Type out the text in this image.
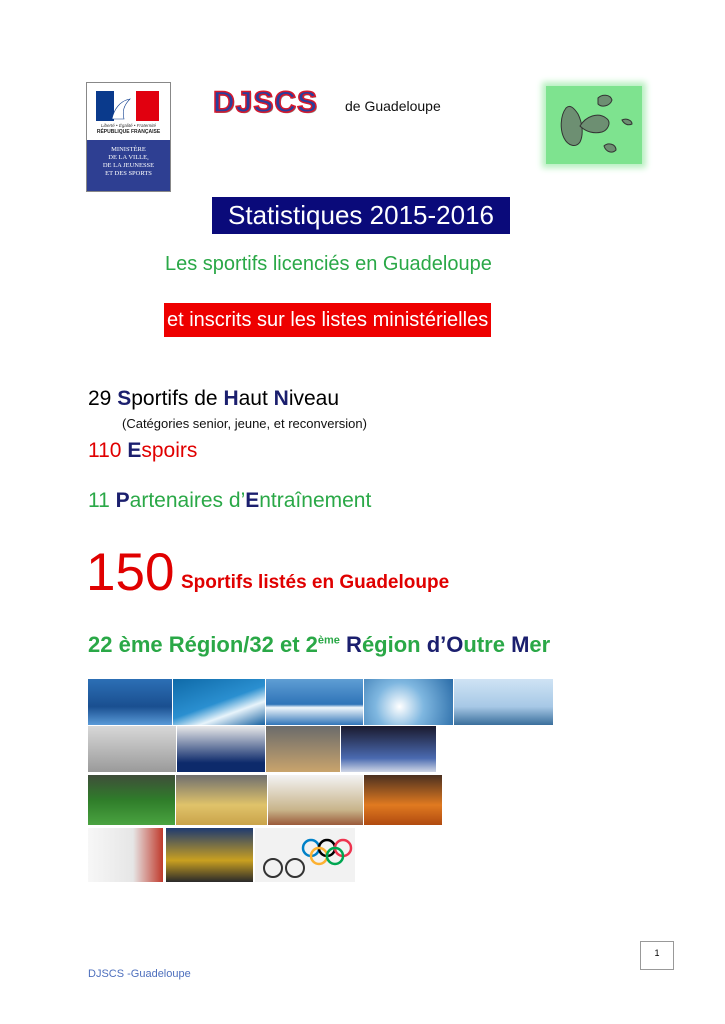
Liberté • Égalité • Fraternité
RÉPUBLIQUE FRANÇAISE
MINISTÈRE
DE LA VILLE,
DE LA JEUNESSE
ET DES SPORTS
DJSCS de Guadeloupe
Statistiques 2015-2016
Les sportifs licenciés en Guadeloupe
et inscrits sur les listes ministérielles
29 Sportifs de Haut Niveau
(Catégories senior, jeune, et reconversion)
110 Espoirs
11 Partenaires d’Entraînement
150 Sportifs listés en Guadeloupe
22 ème Région/32 et 2ème Région d’Outre Mer
1
DJSCS -Guadeloupe
